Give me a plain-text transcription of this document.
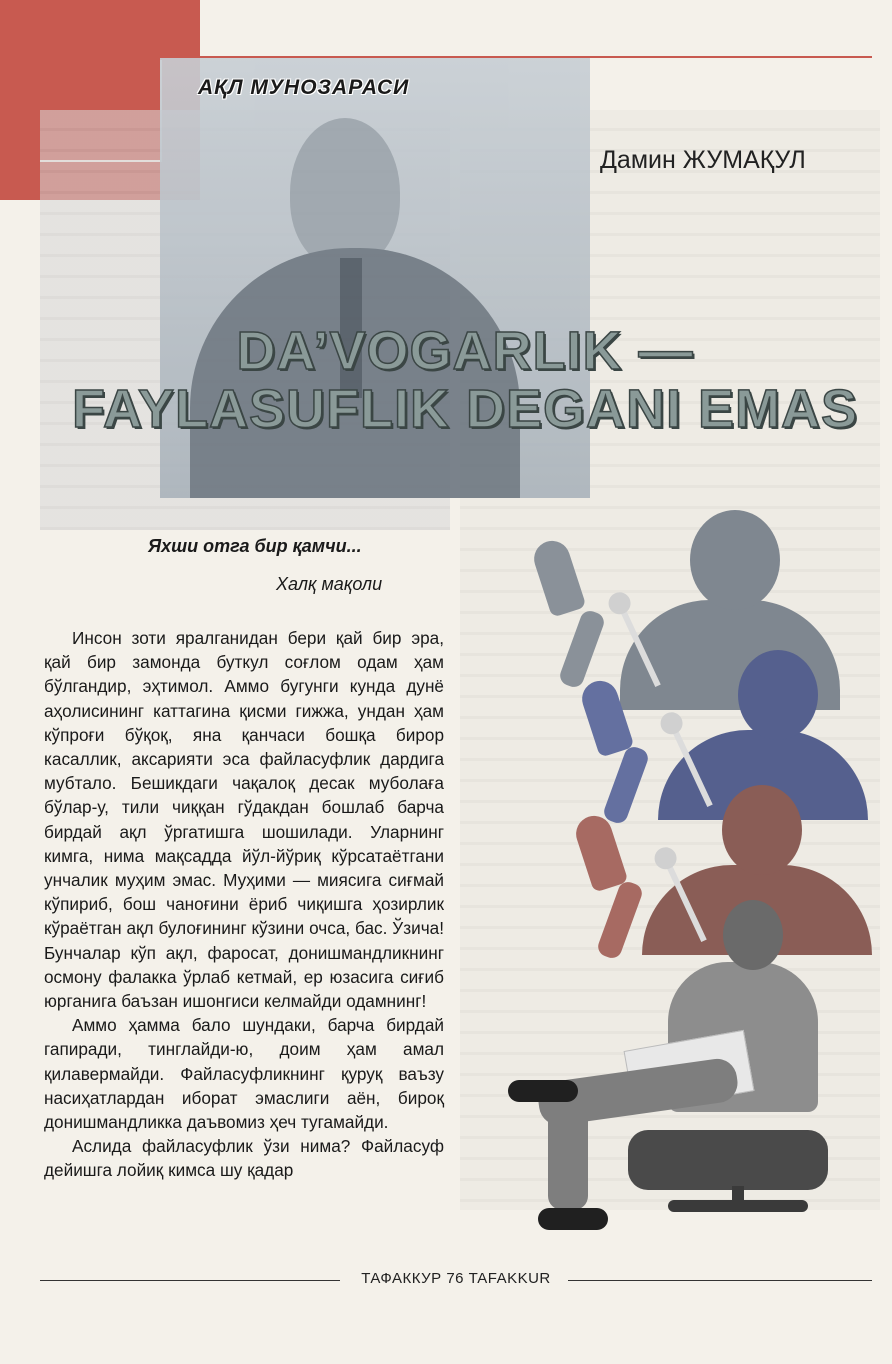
АҚЛ МУНОЗАРАСИ

Дамин ЖУМАҚУЛ

DA’VOGARLIK —
FAYLASUFLIK DEGANI EMAS

Яхши отга бир қамчи...

Халқ мақоли

Инсон зоти яралганидан бери қай бир эра, қай бир замонда буткул соғлом одам ҳам бўлгандир, эҳтимол. Аммо бугунги кунда дунё аҳолисининг каттагина қисми гижжа, ундан ҳам кўпроғи бўқоқ, яна қанчаси бошқа бирор касаллик, аксарияти эса файласуфлик дардига мубтало. Бешикдаги чақалоқ десак муболаға бўлар-у, тили чиққан гўдакдан бошлаб барча бирдай ақл ўргатишга шошилади. Уларнинг кимга, нима мақсадда йўл-йўриқ кўрсатаётгани унчалик муҳим эмас. Муҳими — миясига сиғмай кўпириб, бош чаноғини ёриб чиқишга ҳозирлик кўраётган ақл булоғининг кўзини очса, бас. Ўзича! Бунчалар кўп ақл, фаросат, донишмандликнинг осмону фалакка ўрлаб кетмай, ер юзасига сиғиб юрганига баъзан ишонгиси келмайди одамнинг!

Аммо ҳамма бало шундаки, барча бирдай гапиради, тинглайди-ю, доим ҳам амал қилавермайди. Файласуфликнинг қуруқ ваъзу насиҳатлардан иборат эмаслиги аён, бироқ донишмандликка даъвомиз ҳеч тугамайди.

Аслида файласуфлик ўзи нима? Файласуф дейишга лойиқ кимса шу қадар

ТАФАККУР 76 TAFAKKUR
